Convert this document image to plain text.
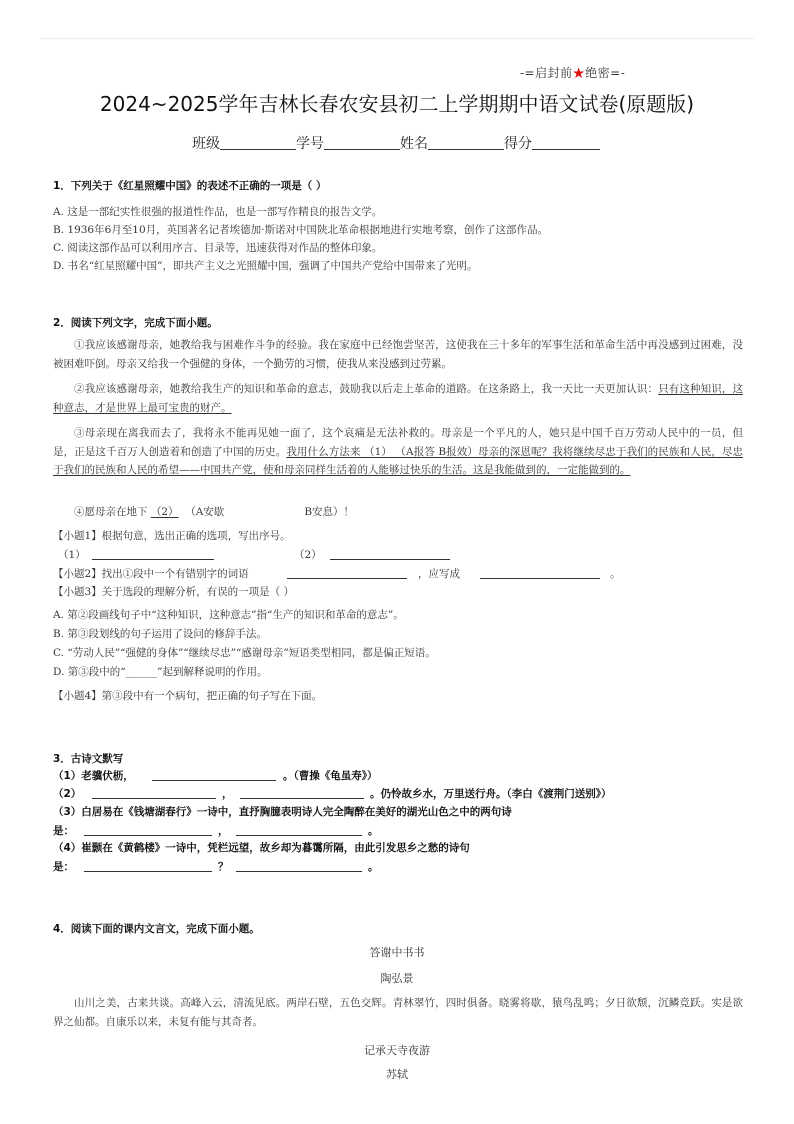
-=启封前★绝密=-
2024~2025学年吉林长春农安县初二上学期期中语文试卷(原题版)
班级	学号	姓名	得分
1．下列关于《红星照耀中国》的表述不正确的一项是（ ）
A. 这是一部纪实性很强的报道性作品，也是一部写作精良的报告文学。
B. 1936年6月至10月，英国著名记者埃德加·斯诺对中国陕北革命根据地进行实地考察，创作了这部作品。
C. 阅读这部作品可以利用序言、目录等，迅速获得对作品的整体印象。
D. 书名“红星照耀中国”，即共产主义之光照耀中国，强调了中国共产党给中国带来了光明。
2．阅读下列文字，完成下面小题。
①我应该感谢母亲，她教给我与困难作斗争的经验。我在家庭中已经饱尝坚苦，这使我在三十多年的军事生活和革命生活中再没感到过困难，没被困难吓倒。母亲又给我一个强健的身体，一个勤劳的习惯，使我从来没感到过劳累。
②我应该感谢母亲，她教给我生产的知识和革命的意志，鼓励我以后走上革命的道路。在这条路上，我一天比一天更加认识：只有这种知识，这种意志，才是世界上最可宝贵的财产。
③母亲现在离我而去了，我将永不能再见她一面了，这个哀痛是无法补救的。母亲是一个平凡的人，她只是中国千百万劳动人民中的一员，但是，正是这千百万人创造着和创造了中国的历史。我用什么方法来 （1） （A报答 B报效）母亲的深恩呢？我将继续尽忠于我们的民族和人民，尽忠于我们的民族和人民的希望——中国共产党，使和母亲同样生活着的人能够过快乐的生活。这是我能做到的，一定能做到的。
④愿母亲在地下 （2） （A安歇	B安息）！
【小题1】根据句意，选出正确的选项，写出序号。
（1）	（2）
【小题2】找出①段中一个有错别字的词语	，应写成	。
【小题3】关于选段的理解分析，有误的一项是（ ）
A. 第②段画线句子中“这种知识，这种意志”指“生产的知识和革命的意志”。
B. 第③段划线的句子运用了设问的修辞手法。
C. “劳动人民”“强健的身体”“继续尽忠”“感谢母亲”短语类型相同，都是偏正短语。
D. 第③段中的“______”起到解释说明的作用。
【小题4】第③段中有一个病句，把正确的句子写在下面。
3．古诗文默写
（1）老骥伏枥，	。（曹操《龟虽寿》）
（2）	，	。仍怜故乡水，万里送行舟。（李白《渡荆门送别》）
（3）白居易在《钱塘湖春行》一诗中，直抒胸臆表明诗人完全陶醉在美好的湖光山色之中的两句诗
是：	，	。
（4）崔颢在《黄鹤楼》一诗中，凭栏远望，故乡却为暮霭所隔，由此引发思乡之愁的诗句
是：	？	。
4．阅读下面的课内文言文，完成下面小题。
答谢中书书
陶弘景
山川之美，古来共谈。高峰入云，清流见底。两岸石壁，五色交辉。青林翠竹，四时俱备。晓雾将歇，猿鸟乱鸣；夕日欲颓，沉鳞竞跃。实是欲界之仙都。自康乐以来，未复有能与其奇者。
记承天寺夜游
苏轼
